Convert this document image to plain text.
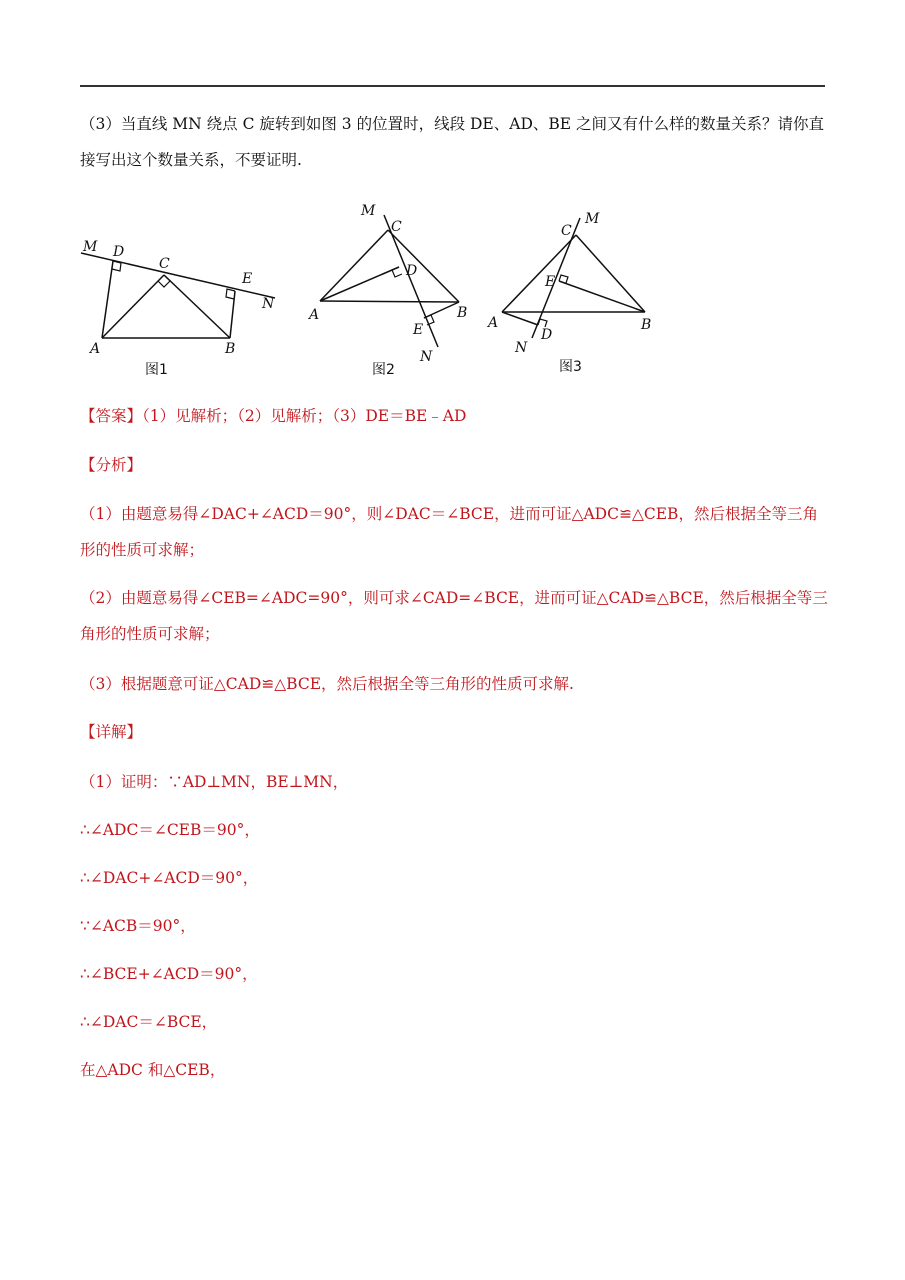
（3）当直线 MN 绕点 C 旋转到如图 3 的位置时，线段 DE、AD、BE 之间又有什么样的数量关系？请你直
接写出这个数量关系，不要证明.
M D
C
E
N
A	B
图1
M
C
D
A	B
E
N
图2
C
M
E
A	B
N
D
图3
【答案】（1）见解析；（2）见解析；（3）DE＝BE﹣AD
【分析】
（1）由题意易得∠DAC+∠ACD＝90°，则∠DAC＝∠BCE，进而可证△ADC≌△CEB，然后根据全等三角
形的性质可求解；
（2）由题意易得∠CEB=∠ADC=90°，则可求∠CAD=∠BCE，进而可证△CAD≌△BCE，然后根据全等三
角形的性质可求解；
（3）根据题意可证△CAD≌△BCE，然后根据全等三角形的性质可求解.
【详解】
（1）证明：∵AD⊥MN，BE⊥MN，
∴∠ADC＝∠CEB＝90°，
∴∠DAC+∠ACD＝90°，
∵∠ACB＝90°，
∴∠BCE+∠ACD＝90°，
∴∠DAC＝∠BCE，
在△ADC 和△CEB，
